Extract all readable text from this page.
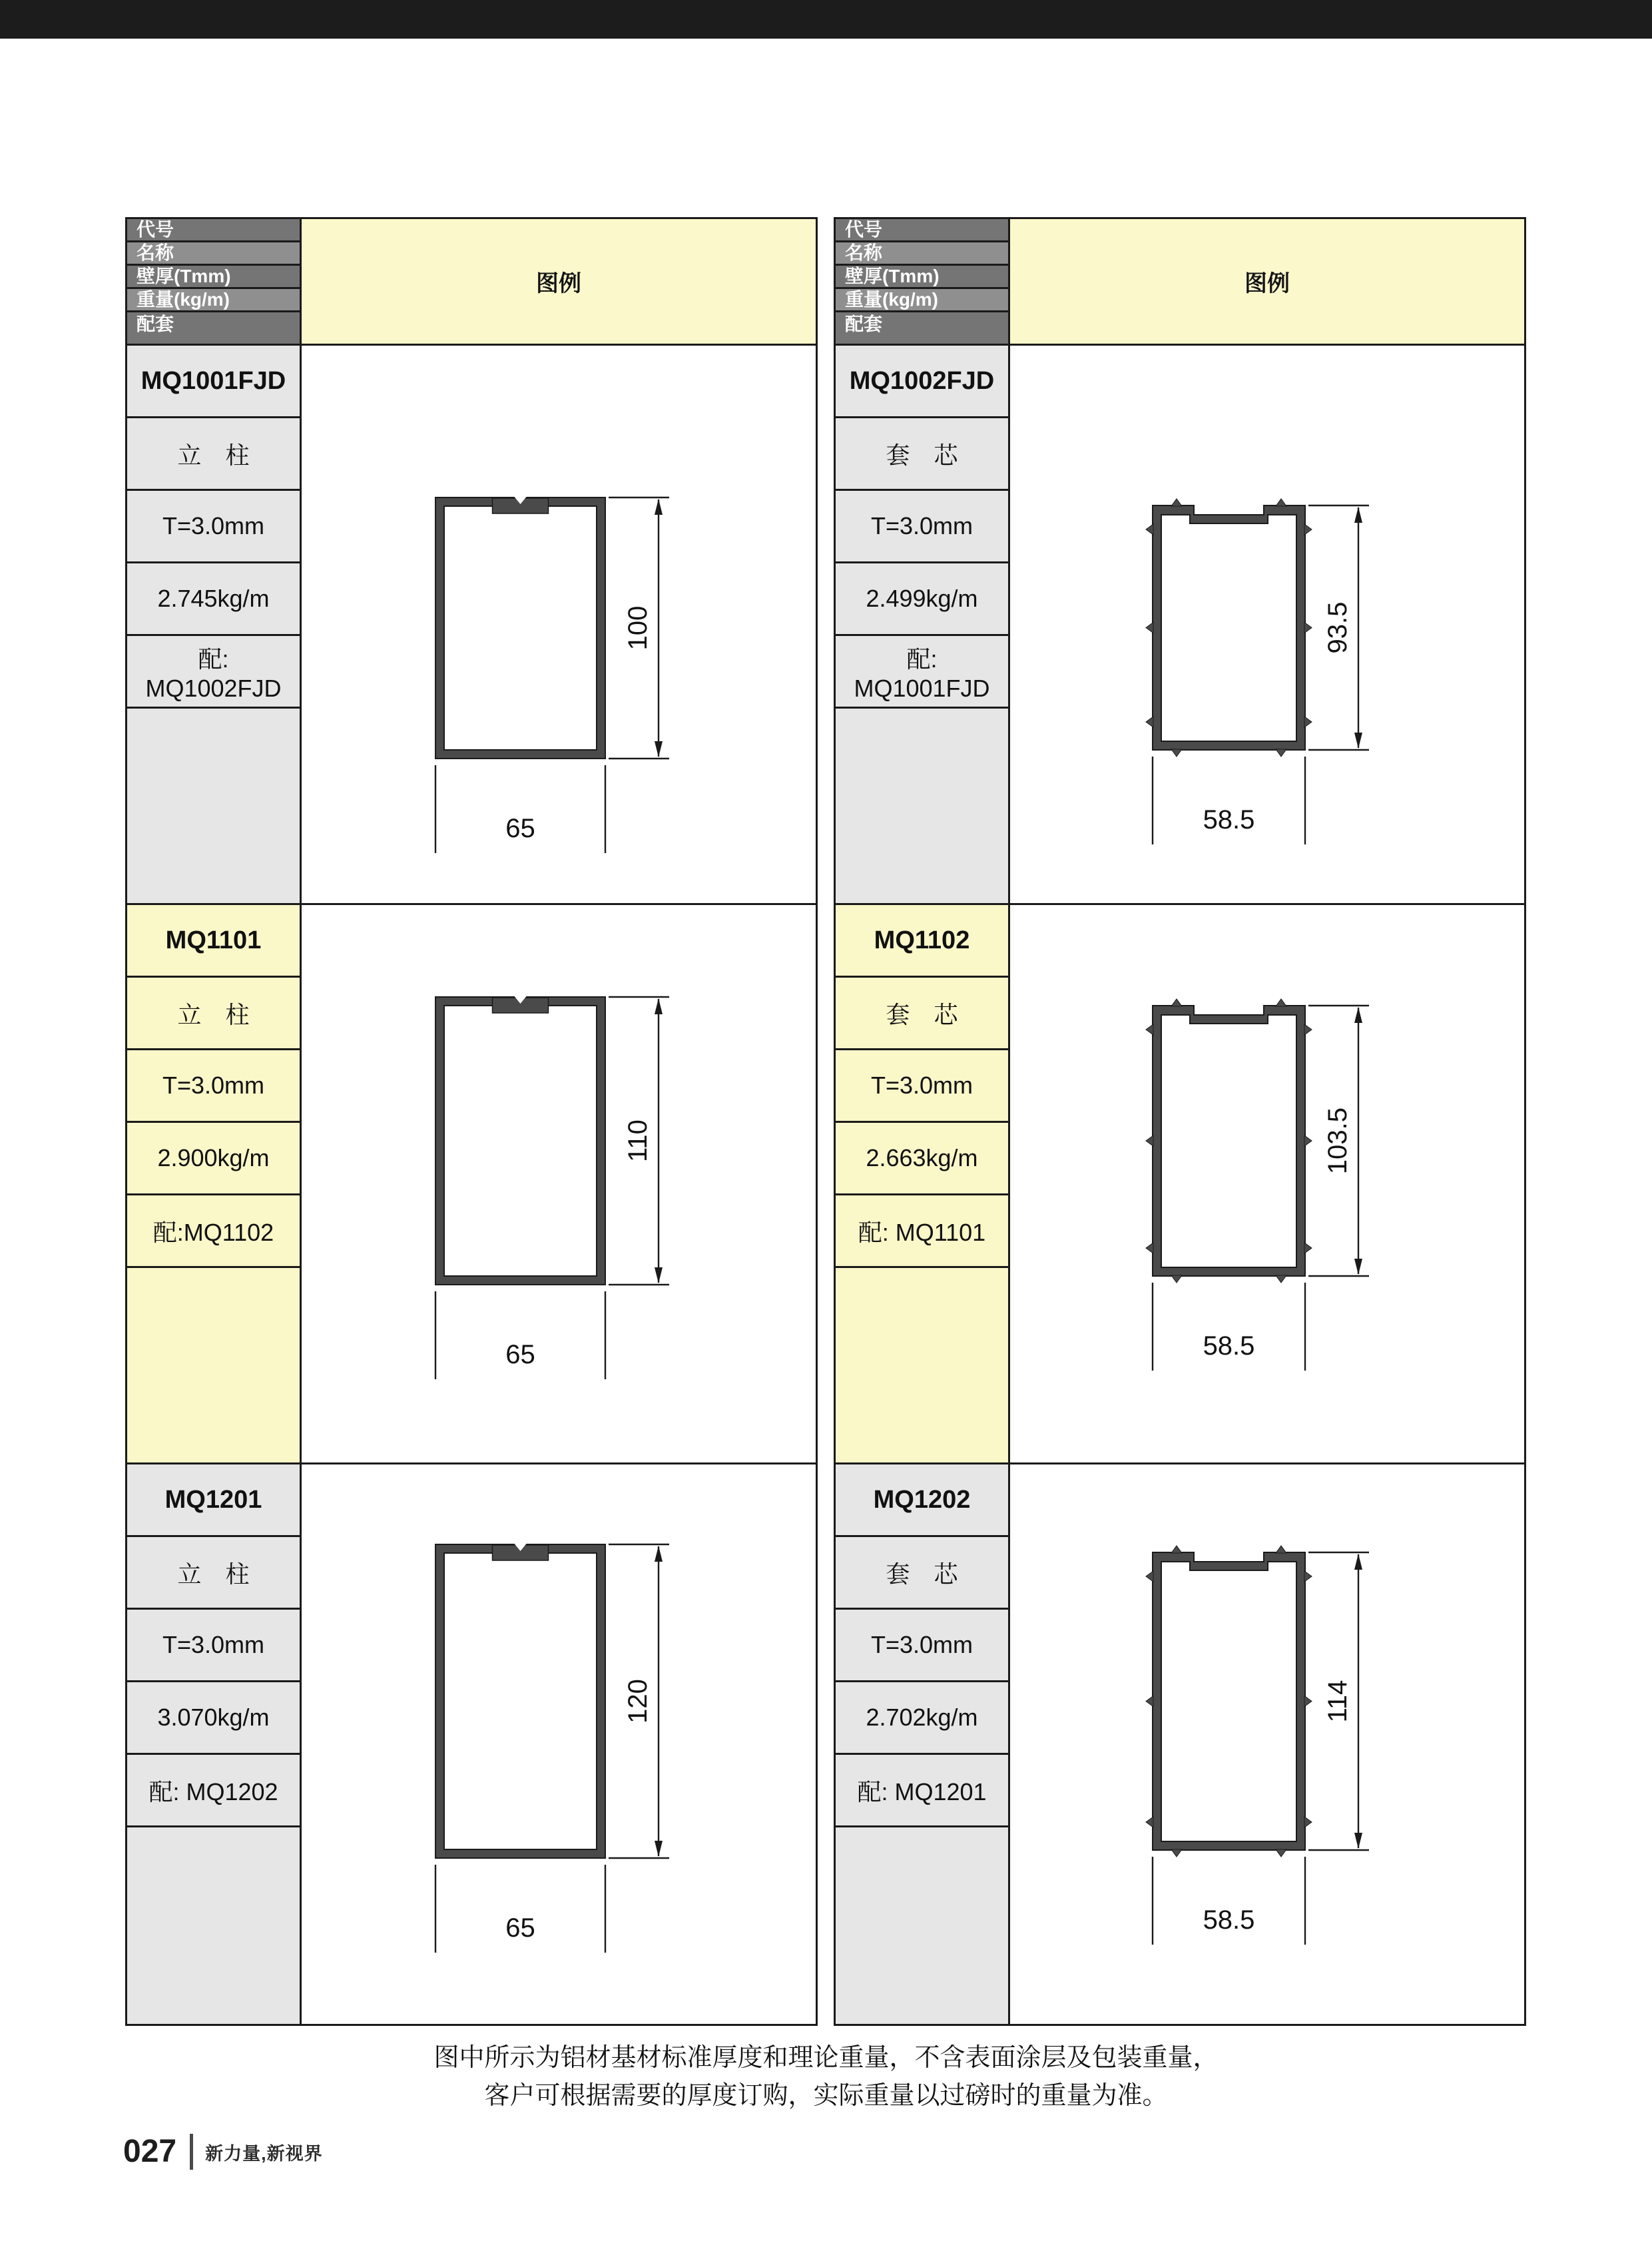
代号
名称
壁厚(Tmm)
重量(kg/m)
配套
图例
MQ1001FJD
立　柱
T=3.0mm
2.745kg/m
配: MQ1002FJD
100
65
MQ1101
立　柱
T=3.0mm
2.900kg/m
配:MQ1102
110
65
MQ1201
立　柱
T=3.0mm
3.070kg/m
配: MQ1202
120
65
代号
名称
壁厚(Tmm)
重量(kg/m)
配套
图例
MQ1002FJD
套　芯
T=3.0mm
2.499kg/m
配: MQ1001FJD
93.5
58.5
MQ1102
套　芯
T=3.0mm
2.663kg/m
配: MQ1101
103.5
58.5
MQ1202
套　芯
T=3.0mm
2.702kg/m
配: MQ1201
114
58.5
图中所示为铝材基材标准厚度和理论重量，不含表面涂层及包装重量，
客户可根据需要的厚度订购，实际重量以过磅时的重量为准。
027 新力量,新视界
